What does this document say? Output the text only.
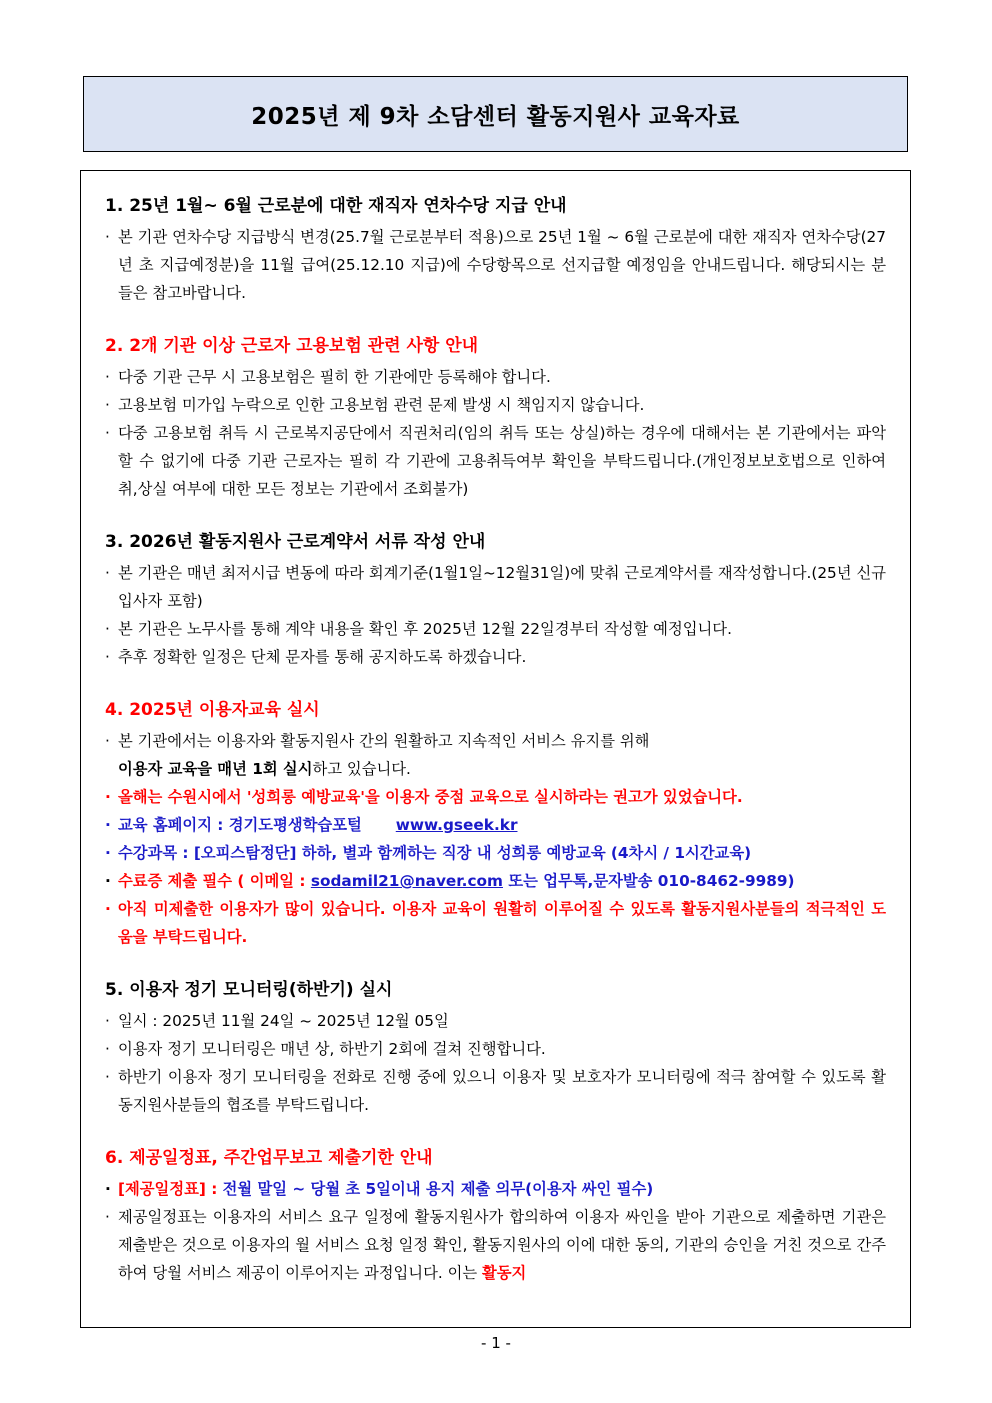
2025년 제 9차 소담센터 활동지원사 교육자료
1. 25년 1월~ 6월 근로분에 대한 재직자 연차수당 지급 안내
· 본 기관 연차수당 지급방식 변경(25.7월 근로분부터 적용)으로 25년 1월 ~ 6월 근로분에 대한 재직자 연차수당(27년 초 지급예정분)을 11월 급여(25.12.10 지급)에 수당항목으로 선지급할 예정임을 안내드립니다. 해당되시는 분들은 참고바랍니다.
2. 2개 기관 이상 근로자 고용보험 관련 사항 안내
· 다중 기관 근무 시 고용보험은 필히 한 기관에만 등록해야 합니다.
· 고용보험 미가입 누락으로 인한 고용보험 관련 문제 발생 시 책임지지 않습니다.
· 다중 고용보험 취득 시 근로복지공단에서 직권처리(임의 취득 또는 상실)하는 경우에 대해서는 본 기관에서는 파악할 수 없기에 다중 기관 근로자는 필히 각 기관에 고용취득여부 확인을 부탁드립니다.(개인정보보호법으로 인하여 취,상실 여부에 대한 모든 정보는 기관에서 조회불가)
3. 2026년 활동지원사 근로계약서 서류 작성 안내
· 본 기관은 매년 최저시급 변동에 따라 회계기준(1월1일~12월31일)에 맞춰 근로계약서를 재작성합니다.(25년 신규입사자 포함)
· 본 기관은 노무사를 통해 계약 내용을 확인 후 2025년 12월 22일경부터 작성할 예정입니다.
· 추후 정확한 일정은 단체 문자를 통해 공지하도록 하겠습니다.
4. 2025년 이용자교육 실시
· 본 기관에서는 이용자와 활동지원사 간의 원활하고 지속적인 서비스 유지를 위해
이용자 교육을 매년 1회 실시하고 있습니다.
· 올해는 수원시에서 '성희롱 예방교육'을 이용자 중점 교육으로 실시하라는 권고가 있었습니다.
· 교육 홈페이지 : 경기도평생학습포털 www.gseek.kr
· 수강과목 : [오피스탐정단] 하하, 별과 함께하는 직장 내 성희롱 예방교육 (4차시 / 1시간교육)
· 수료증 제출 필수 ( 이메일 : sodamil21@naver.com 또는 업무톡,문자발송 010-8462-9989)
· 아직 미제출한 이용자가 많이 있습니다. 이용자 교육이 원활히 이루어질 수 있도록 활동지원사분들의 적극적인 도움을 부탁드립니다.
5. 이용자 정기 모니터링(하반기) 실시
· 일시 : 2025년 11월 24일 ~ 2025년 12월 05일
· 이용자 정기 모니터링은 매년 상, 하반기 2회에 걸쳐 진행합니다.
· 하반기 이용자 정기 모니터링을 전화로 진행 중에 있으니 이용자 및 보호자가 모니터링에 적극 참여할 수 있도록 활동지원사분들의 협조를 부탁드립니다.
6. 제공일정표, 주간업무보고 제출기한 안내
· [제공일정표] : 전월 말일 ~ 당월 초 5일이내 용지 제출 의무(이용자 싸인 필수)
· 제공일정표는 이용자의 서비스 요구 일정에 활동지원사가 합의하여 이용자 싸인을 받아 기관으로 제출하면 기관은 제출받은 것으로 이용자의 월 서비스 요청 일정 확인, 활동지원사의 이에 대한 동의, 기관의 승인을 거친 것으로 간주하여 당월 서비스 제공이 이루어지는 과정입니다. 이는 활동지
- 1 -
